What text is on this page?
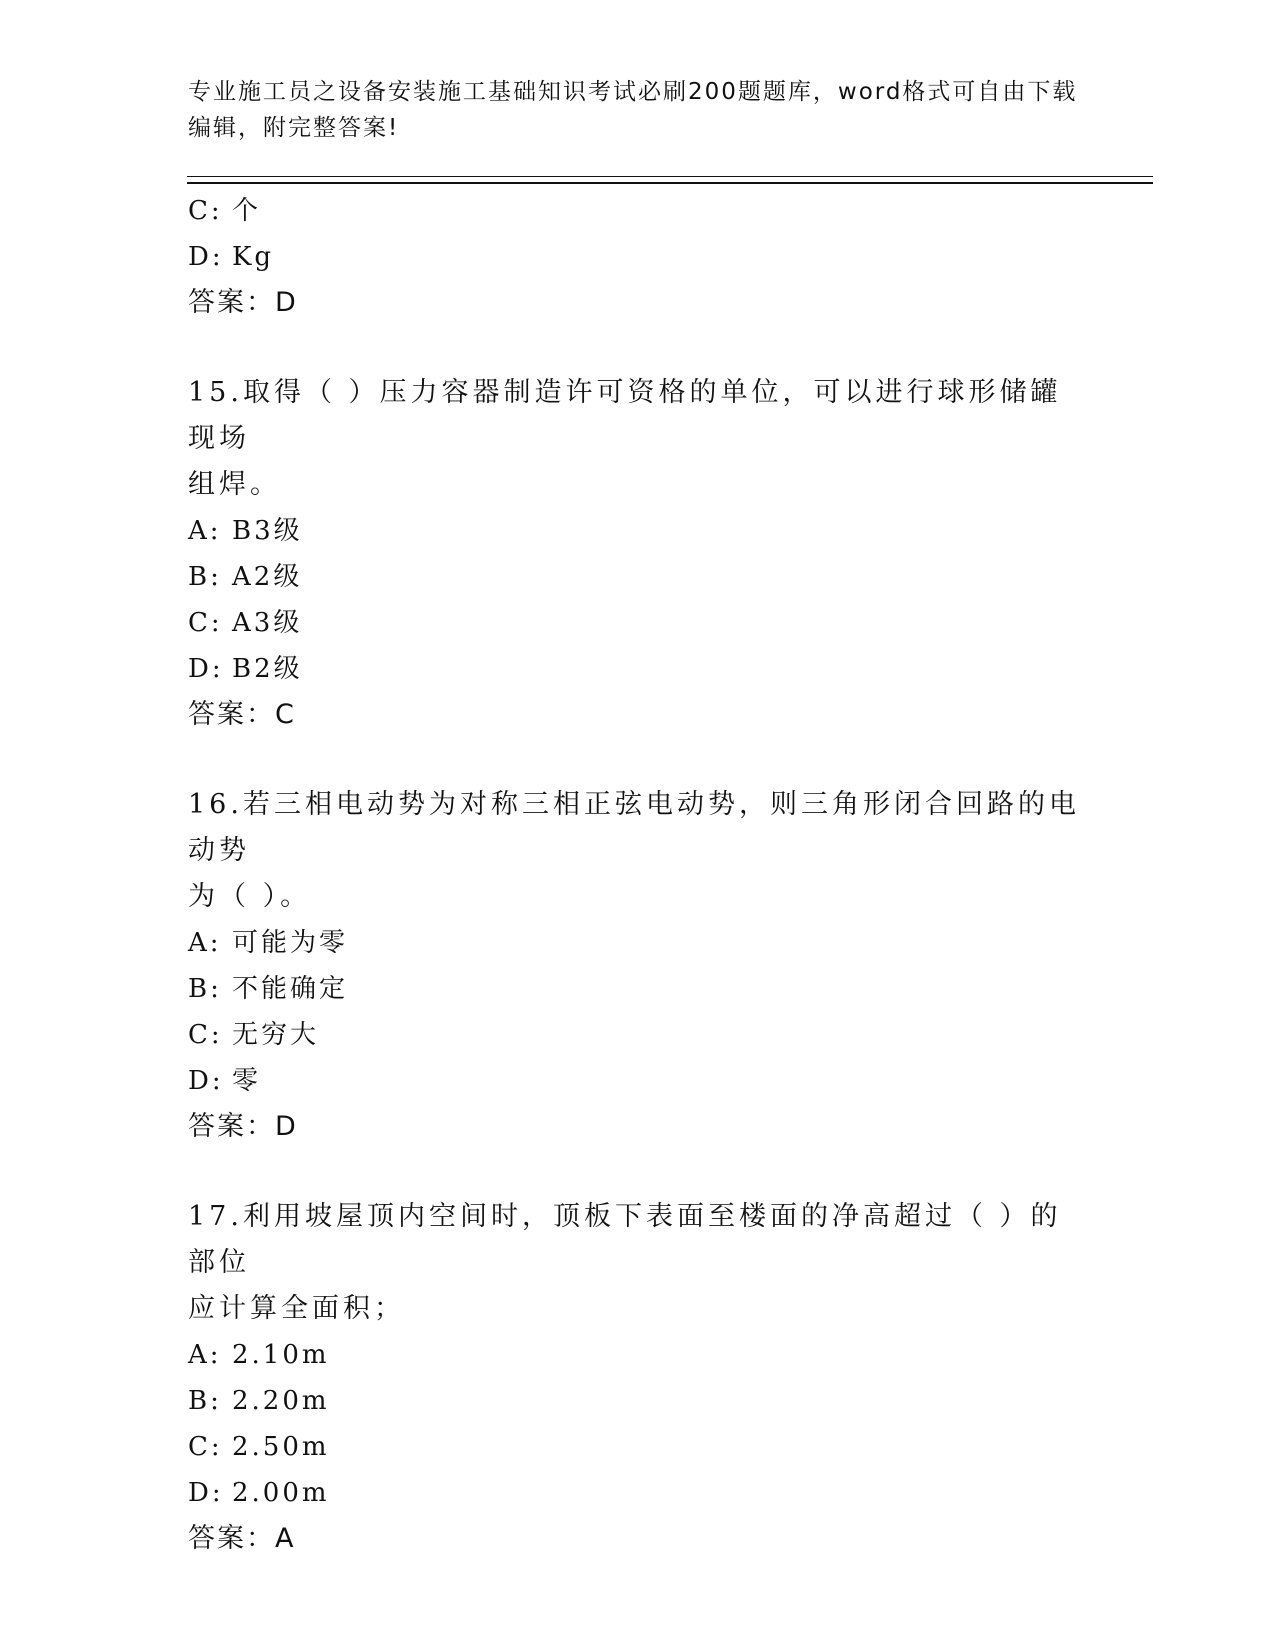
专业施工员之设备安装施工基础知识考试必刷200题题库，word格式可自由下载
编辑，附完整答案!
C: 个
D: Kg
答案：D
15.取得（ ）压力容器制造许可资格的单位，可以进行球形储罐现场
组焊。
A: B3级
B: A2级
C: A3级
D: B2级
答案：C
16.若三相电动势为对称三相正弦电动势，则三角形闭合回路的电动势
为（ ）。
A: 可能为零
B: 不能确定
C: 无穷大
D: 零
答案：D
17.利用坡屋顶内空间时，顶板下表面至楼面的净高超过（ ）的部位
应计算全面积；
A: 2.10m
B: 2.20m
C: 2.50m
D: 2.00m
答案：A
